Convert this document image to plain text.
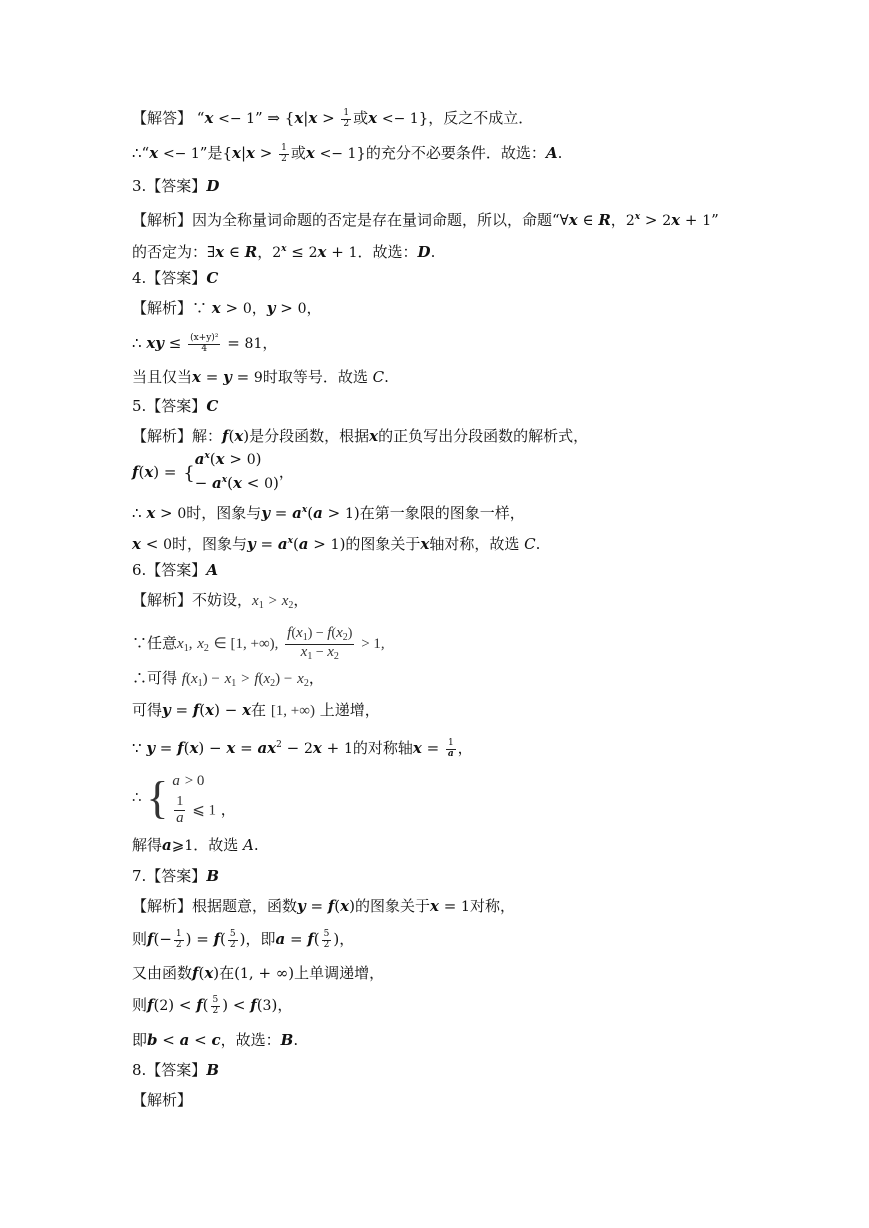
【解答】 “x <− 1” ⇒ {$x|x > \frac{1}{2}$ 或x <− 1}，反之不成立．
∴“x <− 1”是{$x|x > \frac{1}{2}$ 或x <− 1}的充分不必要条件．故选：A.
3.【答案】D
【解析】因为全称量词命题的否定是存在量词命题，所以，命题“∀x ∈ R，$2^x > 2x + 1$”
的否定为：∃x ∈ R，$2^x \le 2x + 1$．故选：D.
4.【答案】C
【解析】∵ x > 0，y > 0，
∴ xy ≤ $\frac{\text{(x+y)²}}{4} = 81$，
当且仅当x = y = 9时取等号．故选 C.
5.【答案】C
【解析】解：f(x)是分段函数，根据x的正负写出分段函数的解析式，
f(x) = {
$a^x(x > 0)$
− $a^x(x < 0)$
，
∴ x > 0时，图象与$y = a^x(a > 1)$在第一象限的图象一样，
x < 0时，图象与$y = a^x(a > 1)$的图象关于x轴对称，故选 C.
6.【答案】A
【解析】不妨设，$x_1 > x_2$，
∵任意$x_1$, $x_2$ ∈ [1, +∞), $\frac{f(x_1) - f(x_2)}{x_1 - x_2} > 1$,
∴可得 $f(x_1) - x_1 > f(x_2) - x_2$，
可得y = f(x) − x在 [1, +∞) 上递增，
∵ $y = f(x) - x = ax^2 - 2x + 1$的对称轴$x = \frac{1}{a}$ ，
∴ { a > 0
$\frac{1}{a}$ ⩽ 1 ，
解得a⩾1．故选 A.
7.【答案】B
【解析】根据题意，函数y = f(x)的图象关于x = 1对称，
则$f(- \frac{1}{2}$ ) = $f( \frac{5}{2}$ )，即$a = f( \frac{5}{2}$ )，
又由函数f(x)在(1, + ∞)上单调递增，
则$f(2) < f( \frac{5}{2}$ ) < f(3)，
即b < a < c，故选：B.
8.【答案】B
【解析】
